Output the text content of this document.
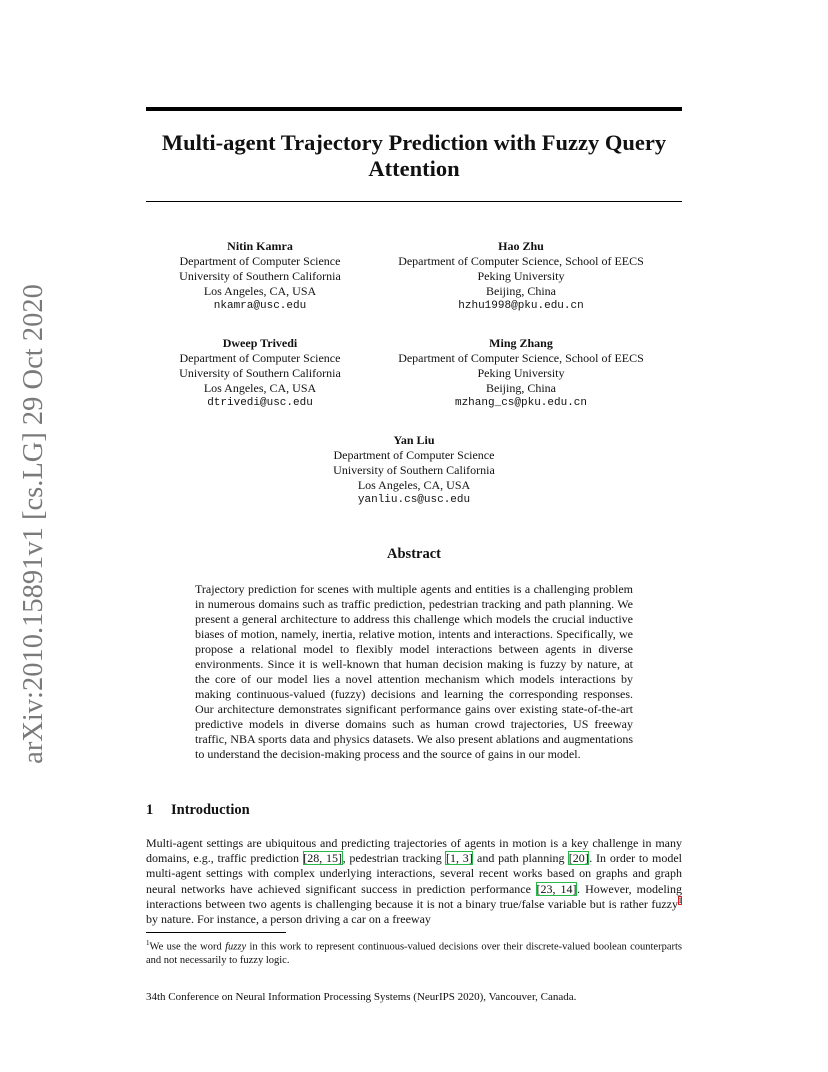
arXiv:2010.15891v1 [cs.LG] 29 Oct 2020
Multi-agent Trajectory Prediction with Fuzzy Query Attention
Nitin Kamra
Department of Computer Science
University of Southern California
Los Angeles, CA, USA
nkamra@usc.edu
Hao Zhu
Department of Computer Science, School of EECS
Peking University
Beijing, China
hzhu1998@pku.edu.cn
Dweep Trivedi
Department of Computer Science
University of Southern California
Los Angeles, CA, USA
dtrivedi@usc.edu
Ming Zhang
Department of Computer Science, School of EECS
Peking University
Beijing, China
mzhang_cs@pku.edu.cn
Yan Liu
Department of Computer Science
University of Southern California
Los Angeles, CA, USA
yanliu.cs@usc.edu
Abstract
Trajectory prediction for scenes with multiple agents and entities is a challenging problem in numerous domains such as traffic prediction, pedestrian tracking and path planning. We present a general architecture to address this challenge which models the crucial inductive biases of motion, namely, inertia, relative motion, intents and interactions. Specifically, we propose a relational model to flexibly model interactions between agents in diverse environments. Since it is well-known that human decision making is fuzzy by nature, at the core of our model lies a novel attention mechanism which models interactions by making continuous-valued (fuzzy) decisions and learning the corresponding responses. Our architecture demonstrates significant performance gains over existing state-of-the-art predictive models in diverse domains such as human crowd trajectories, US freeway traffic, NBA sports data and physics datasets. We also present ablations and augmentations to understand the decision-making process and the source of gains in our model.
1 Introduction
Multi-agent settings are ubiquitous and predicting trajectories of agents in motion is a key challenge in many domains, e.g., traffic prediction [28, 15], pedestrian tracking [1, 3] and path planning [20]. In order to model multi-agent settings with complex underlying interactions, several recent works based on graphs and graph neural networks have achieved significant success in prediction performance [23, 14]. However, modeling interactions between two agents is challenging because it is not a binary true/false variable but is rather fuzzy$^1$ by nature. For instance, a person driving a car on a freeway
$^1$We use the word fuzzy in this work to represent continuous-valued decisions over their discrete-valued boolean counterparts and not necessarily to fuzzy logic.
34th Conference on Neural Information Processing Systems (NeurIPS 2020), Vancouver, Canada.
